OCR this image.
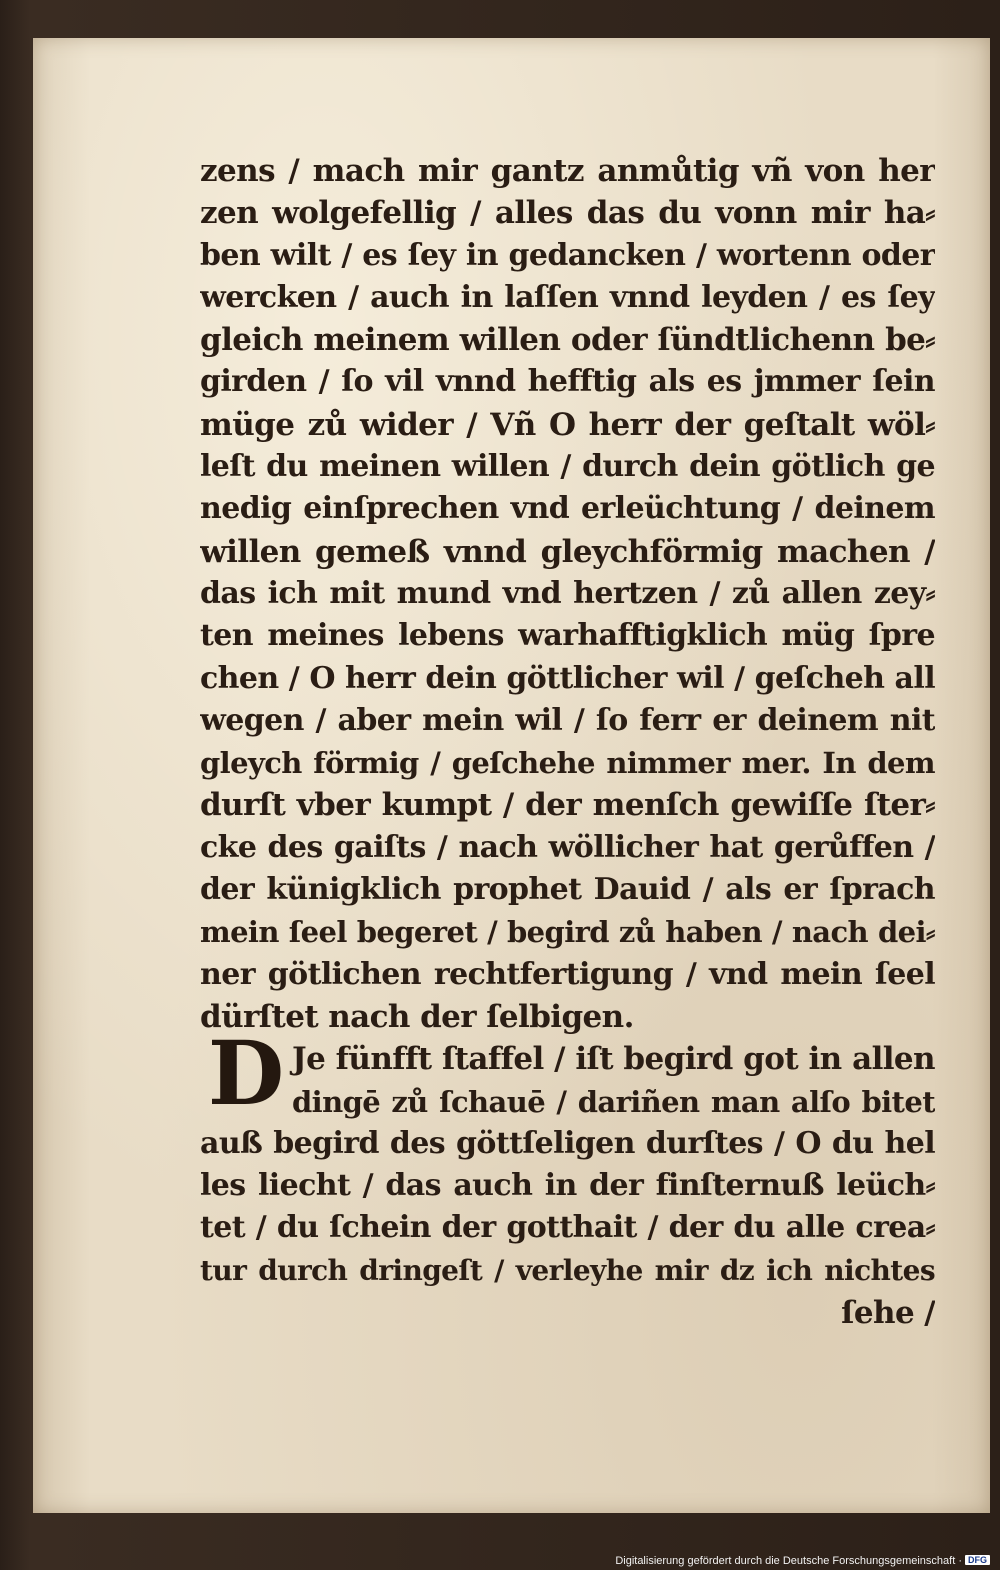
zens / mach mir gantz anmůtig vñ von her
zen wolgefellig / alles das du vonn mir ha⸗
ben wilt / es ſey in gedancken / wortenn oder
wercken / auch in laſſen vnnd leyden / es ſey
gleich meinem willen oder ſündtlichenn be⸗
girden / ſo vil vnnd hefftig als es jmmer ſein
müge zů wider / Vñ O herr der geſtalt wöl⸗
leſt du meinen willen / durch dein götlich ge
nedig einſprechen vnd erleüchtung / deinem
willen gemeß vnnd gleychförmig machen /
das ich mit mund vnd hertzen / zů allen zey⸗
ten meines lebens warhafftigklich müg ſpre
chen / O herr dein göttlicher wil / geſcheh all
wegen / aber mein wil / ſo ferr er deinem nit
gleych förmig / geſchehe nimmer mer. In dem
durſt vber kumpt / der menſch gewiſſe ſter⸗
cke des gaiſts / nach wöllicher hat gerůffen /
der künigklich prophet Dauid / als er ſprach
mein ſeel begeret / begird zů haben / nach dei⸗
ner götlichen rechtfertigung / vnd mein ſeel
dürſtet nach der ſelbigen.
Je fünfft ſtaffel / iſt begird got in allen
dingē zů ſchauē / dariñen man alſo bitet
auß begird des göttſeligen durſtes / O du hel
les liecht / das auch in der finſternuß leüch⸗
tet / du ſchein der gotthait / der du alle crea⸗
tur durch dringeſt / verleyhe mir dz ich nichtes
ſehe /
D
Digitalisierung gefördert durch die Deutsche Forschungsgemeinschaft · DFG
